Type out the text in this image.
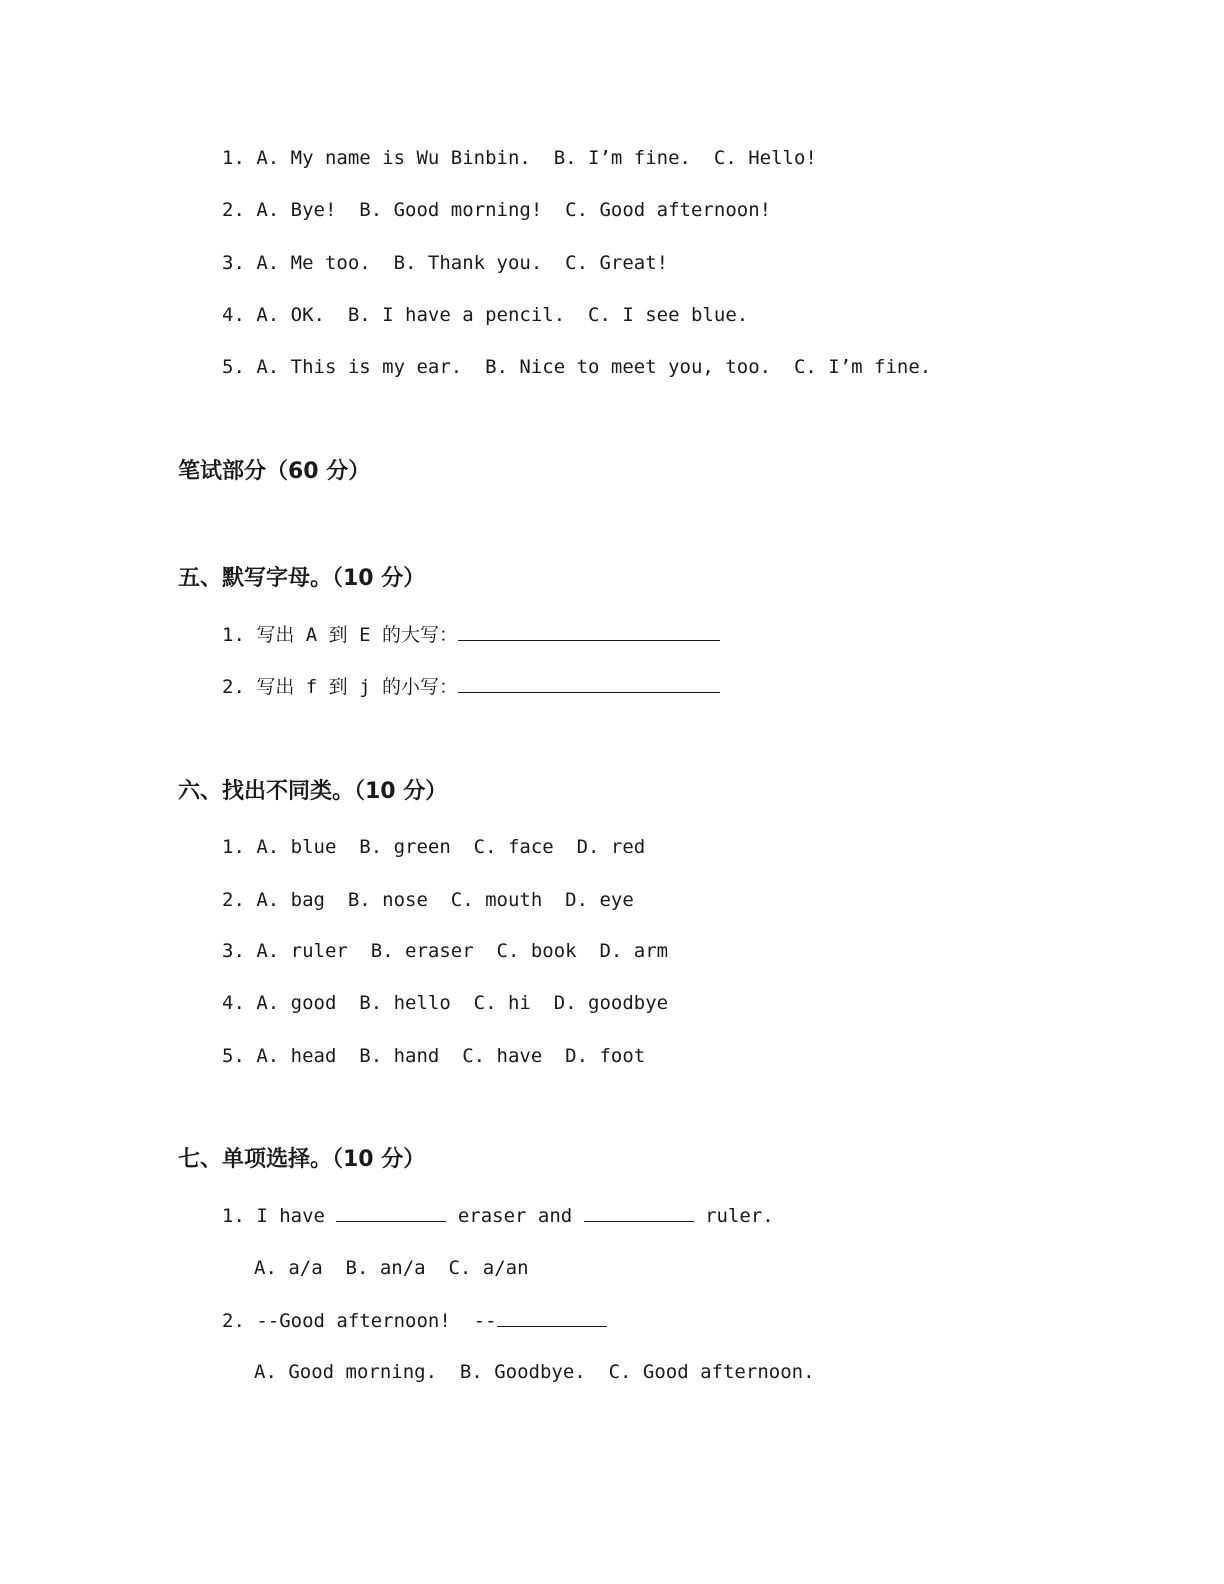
1. A. My name is Wu Binbin.  B. I’m fine.  C. Hello!
2. A. Bye!  B. Good morning!  C. Good afternoon!
3. A. Me too.  B. Thank you.  C. Great!
4. A. OK.  B. I have a pencil.  C. I see blue.
5. A. This is my ear.  B. Nice to meet you, too.  C. I’m fine.
笔试部分（60 分）
五、默写字母。（10 分）
1. 写出 A 到 E 的大写：
2. 写出 f 到 j 的小写：
六、找出不同类。（10 分）
1. A. blue  B. green  C. face  D. red
2. A. bag  B. nose  C. mouth  D. eye
3. A. ruler  B. eraser  C. book  D. arm
4. A. good  B. hello  C. hi  D. goodbye
5. A. head  B. hand  C. have  D. foot
七、单项选择。（10 分）
1. I have	eraser and	ruler.
A. a/a  B. an/a  C. a/an
2. --Good afternoon!  --
A. Good morning.  B. Goodbye.  C. Good afternoon.
